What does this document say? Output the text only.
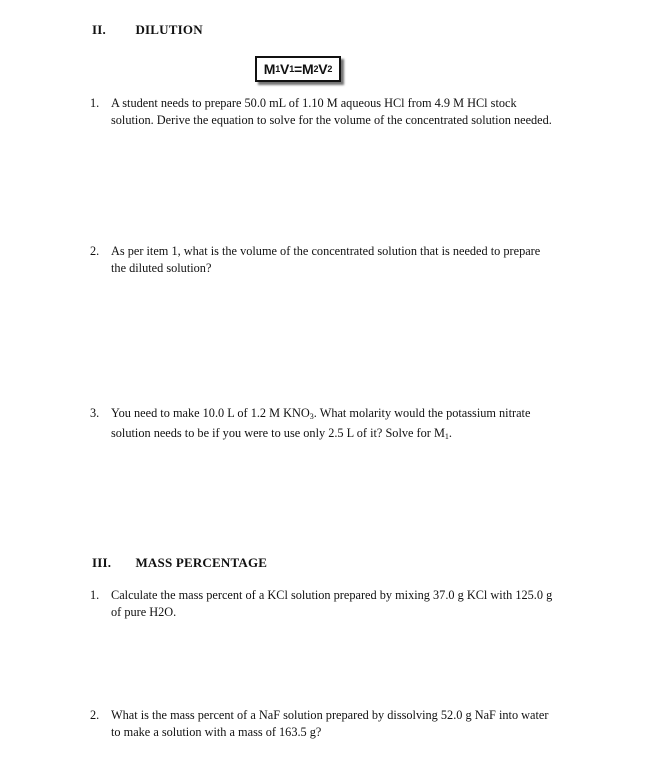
II. DILUTION
M 1 V 1 = M 2 V 2
1. A student needs to prepare 50.0 mL of 1.10 M aqueous HCl from 4.9 M HCl stock
solution. Derive the equation to solve for the volume of the concentrated solution needed.
2. As per item 1, what is the volume of the concentrated solution that is needed to prepare
the diluted solution?
3. You need to make 10.0 L of 1.2 M $KNO_3$. What molarity would the potassium nitrate
solution needs to be if you were to use only 2.5 L of it? Solve for $M_1$.
III. MASS PERCENTAGE
1. Calculate the mass percent of a KCl solution prepared by mixing 37.0 g KCl with 125.0 g
of pure H2O.
2. What is the mass percent of a NaF solution prepared by dissolving 52.0 g NaF into water
to make a solution with a mass of 163.5 g?
